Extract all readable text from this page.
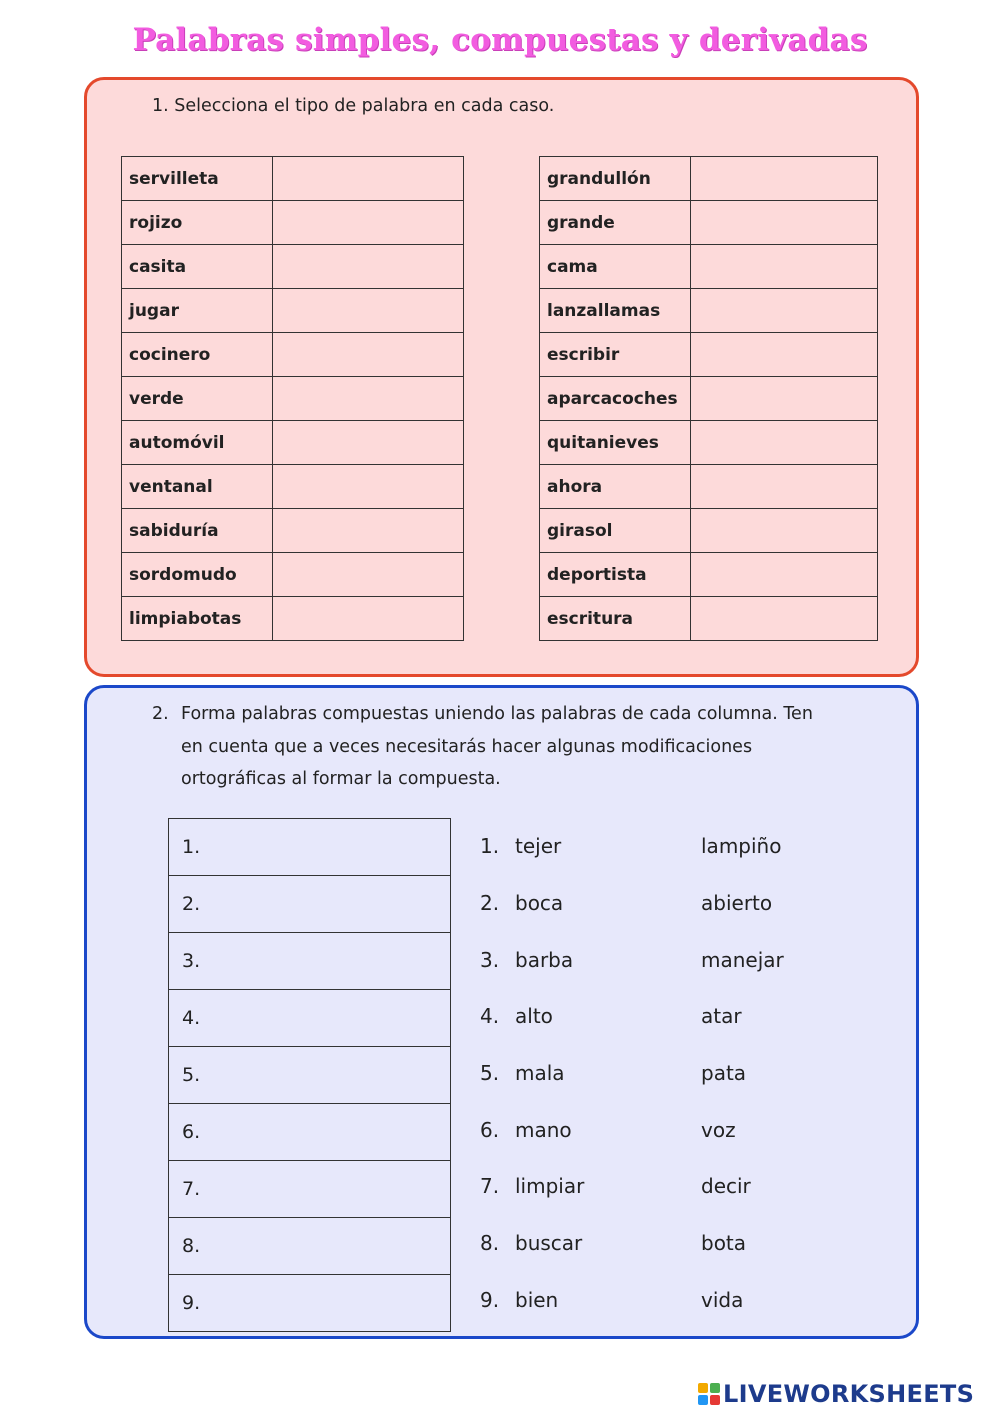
Palabras simples, compuestas y derivadas
1. Selecciona el tipo de palabra en cada caso.
servilleta	
rojizo	
casita	
jugar	
cocinero	
verde	
automóvil	
ventanal	
sabiduría	
sordomudo	
limpiabotas	
grandullón	
grande	
cama	
lanzallamas	
escribir	
aparcacoches	
quitanieves	
ahora	
girasol	
deportista	
escritura	
2. Forma palabras compuestas uniendo las palabras de cada columna. Ten
en cuenta que a veces necesitarás hacer algunas modificaciones
ortográficas al formar la compuesta.
1.
2.
3.
4.
5.
6.
7.
8.
9.
1. tejer	lampiño
2. boca	abierto
3. barba	manejar
4. alto	atar
5. mala	pata
6. mano	voz
7. limpiar	decir
8. buscar	bota
9. bien	vida
LIVEWORKSHEETS
